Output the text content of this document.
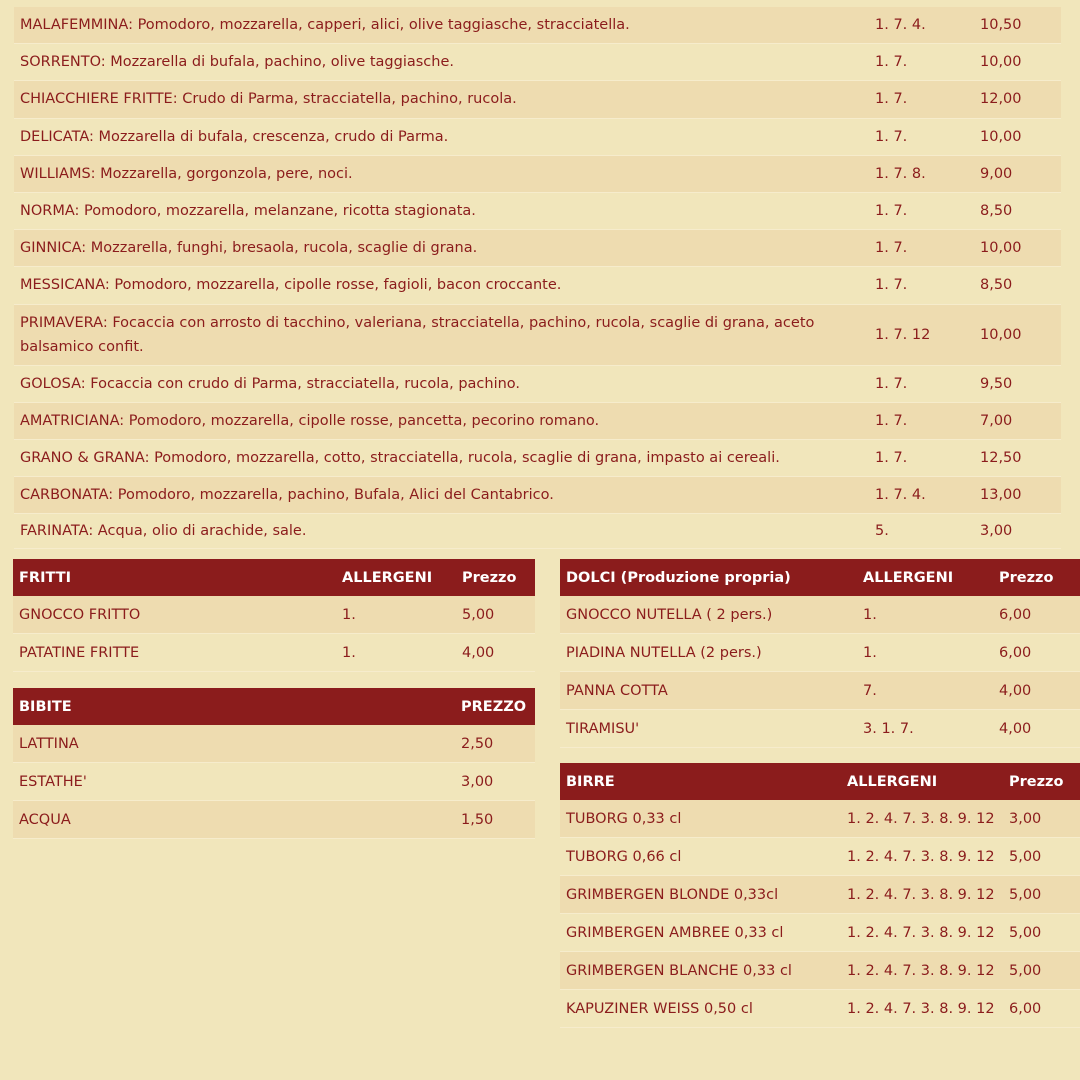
MALAFEMMINA: Pomodoro, mozzarella, capperi, alici, olive taggiasche, stracciatella.	1. 7. 4.	10,50
SORRENTO: Mozzarella di bufala, pachino, olive taggiasche.	1. 7.	10,00
CHIACCHIERE FRITTE: Crudo di Parma, stracciatella, pachino, rucola.	1. 7.	12,00
DELICATA: Mozzarella di bufala, crescenza, crudo di Parma.	1. 7.	10,00
WILLIAMS: Mozzarella, gorgonzola, pere, noci.	1. 7. 8.	9,00
NORMA: Pomodoro, mozzarella, melanzane, ricotta stagionata.	1. 7.	8,50
GINNICA: Mozzarella, funghi, bresaola, rucola, scaglie di grana.	1. 7.	10,00
MESSICANA: Pomodoro, mozzarella, cipolle rosse, fagioli, bacon croccante.	1. 7.	8,50
PRIMAVERA: Focaccia con arrosto di tacchino, valeriana, stracciatella, pachino, rucola, scaglie di grana, aceto balsamico confit.	1. 7. 12	10,00
GOLOSA: Focaccia con crudo di Parma, stracciatella, rucola, pachino.	1. 7.	9,50
AMATRICIANA: Pomodoro, mozzarella, cipolle rosse, pancetta, pecorino romano.	1. 7.	7,00
GRANO & GRANA: Pomodoro, mozzarella, cotto, stracciatella, rucola, scaglie di grana, impasto ai cereali.	1. 7.	12,50
CARBONATA: Pomodoro, mozzarella, pachino, Bufala, Alici del Cantabrico.	1. 7. 4.	13,00
FARINATA: Acqua, olio di arachide, sale.	5.	3,00
FRITTI	ALLERGENI	Prezzo
GNOCCO FRITTO	1.	5,00
PATATINE FRITTE	1.	4,00
BIBITE	PREZZO
LATTINA	2,50
ESTATHE'	3,00
ACQUA	1,50
DOLCI (Produzione propria)	ALLERGENI	Prezzo
GNOCCO NUTELLA ( 2 pers.)	1.	6,00
PIADINA NUTELLA (2 pers.)	1.	6,00
PANNA COTTA	7.	4,00
TIRAMISU'	3. 1. 7.	4,00
BIRRE	ALLERGENI	Prezzo
TUBORG 0,33 cl	1. 2. 4. 7. 3. 8. 9. 12	3,00
TUBORG 0,66 cl	1. 2. 4. 7. 3. 8. 9. 12	5,00
GRIMBERGEN BLONDE 0,33cl	1. 2. 4. 7. 3. 8. 9. 12	5,00
GRIMBERGEN AMBREE 0,33 cl	1. 2. 4. 7. 3. 8. 9. 12	5,00
GRIMBERGEN BLANCHE 0,33 cl	1. 2. 4. 7. 3. 8. 9. 12	5,00
KAPUZINER WEISS 0,50 cl	1. 2. 4. 7. 3. 8. 9. 12	6,00
